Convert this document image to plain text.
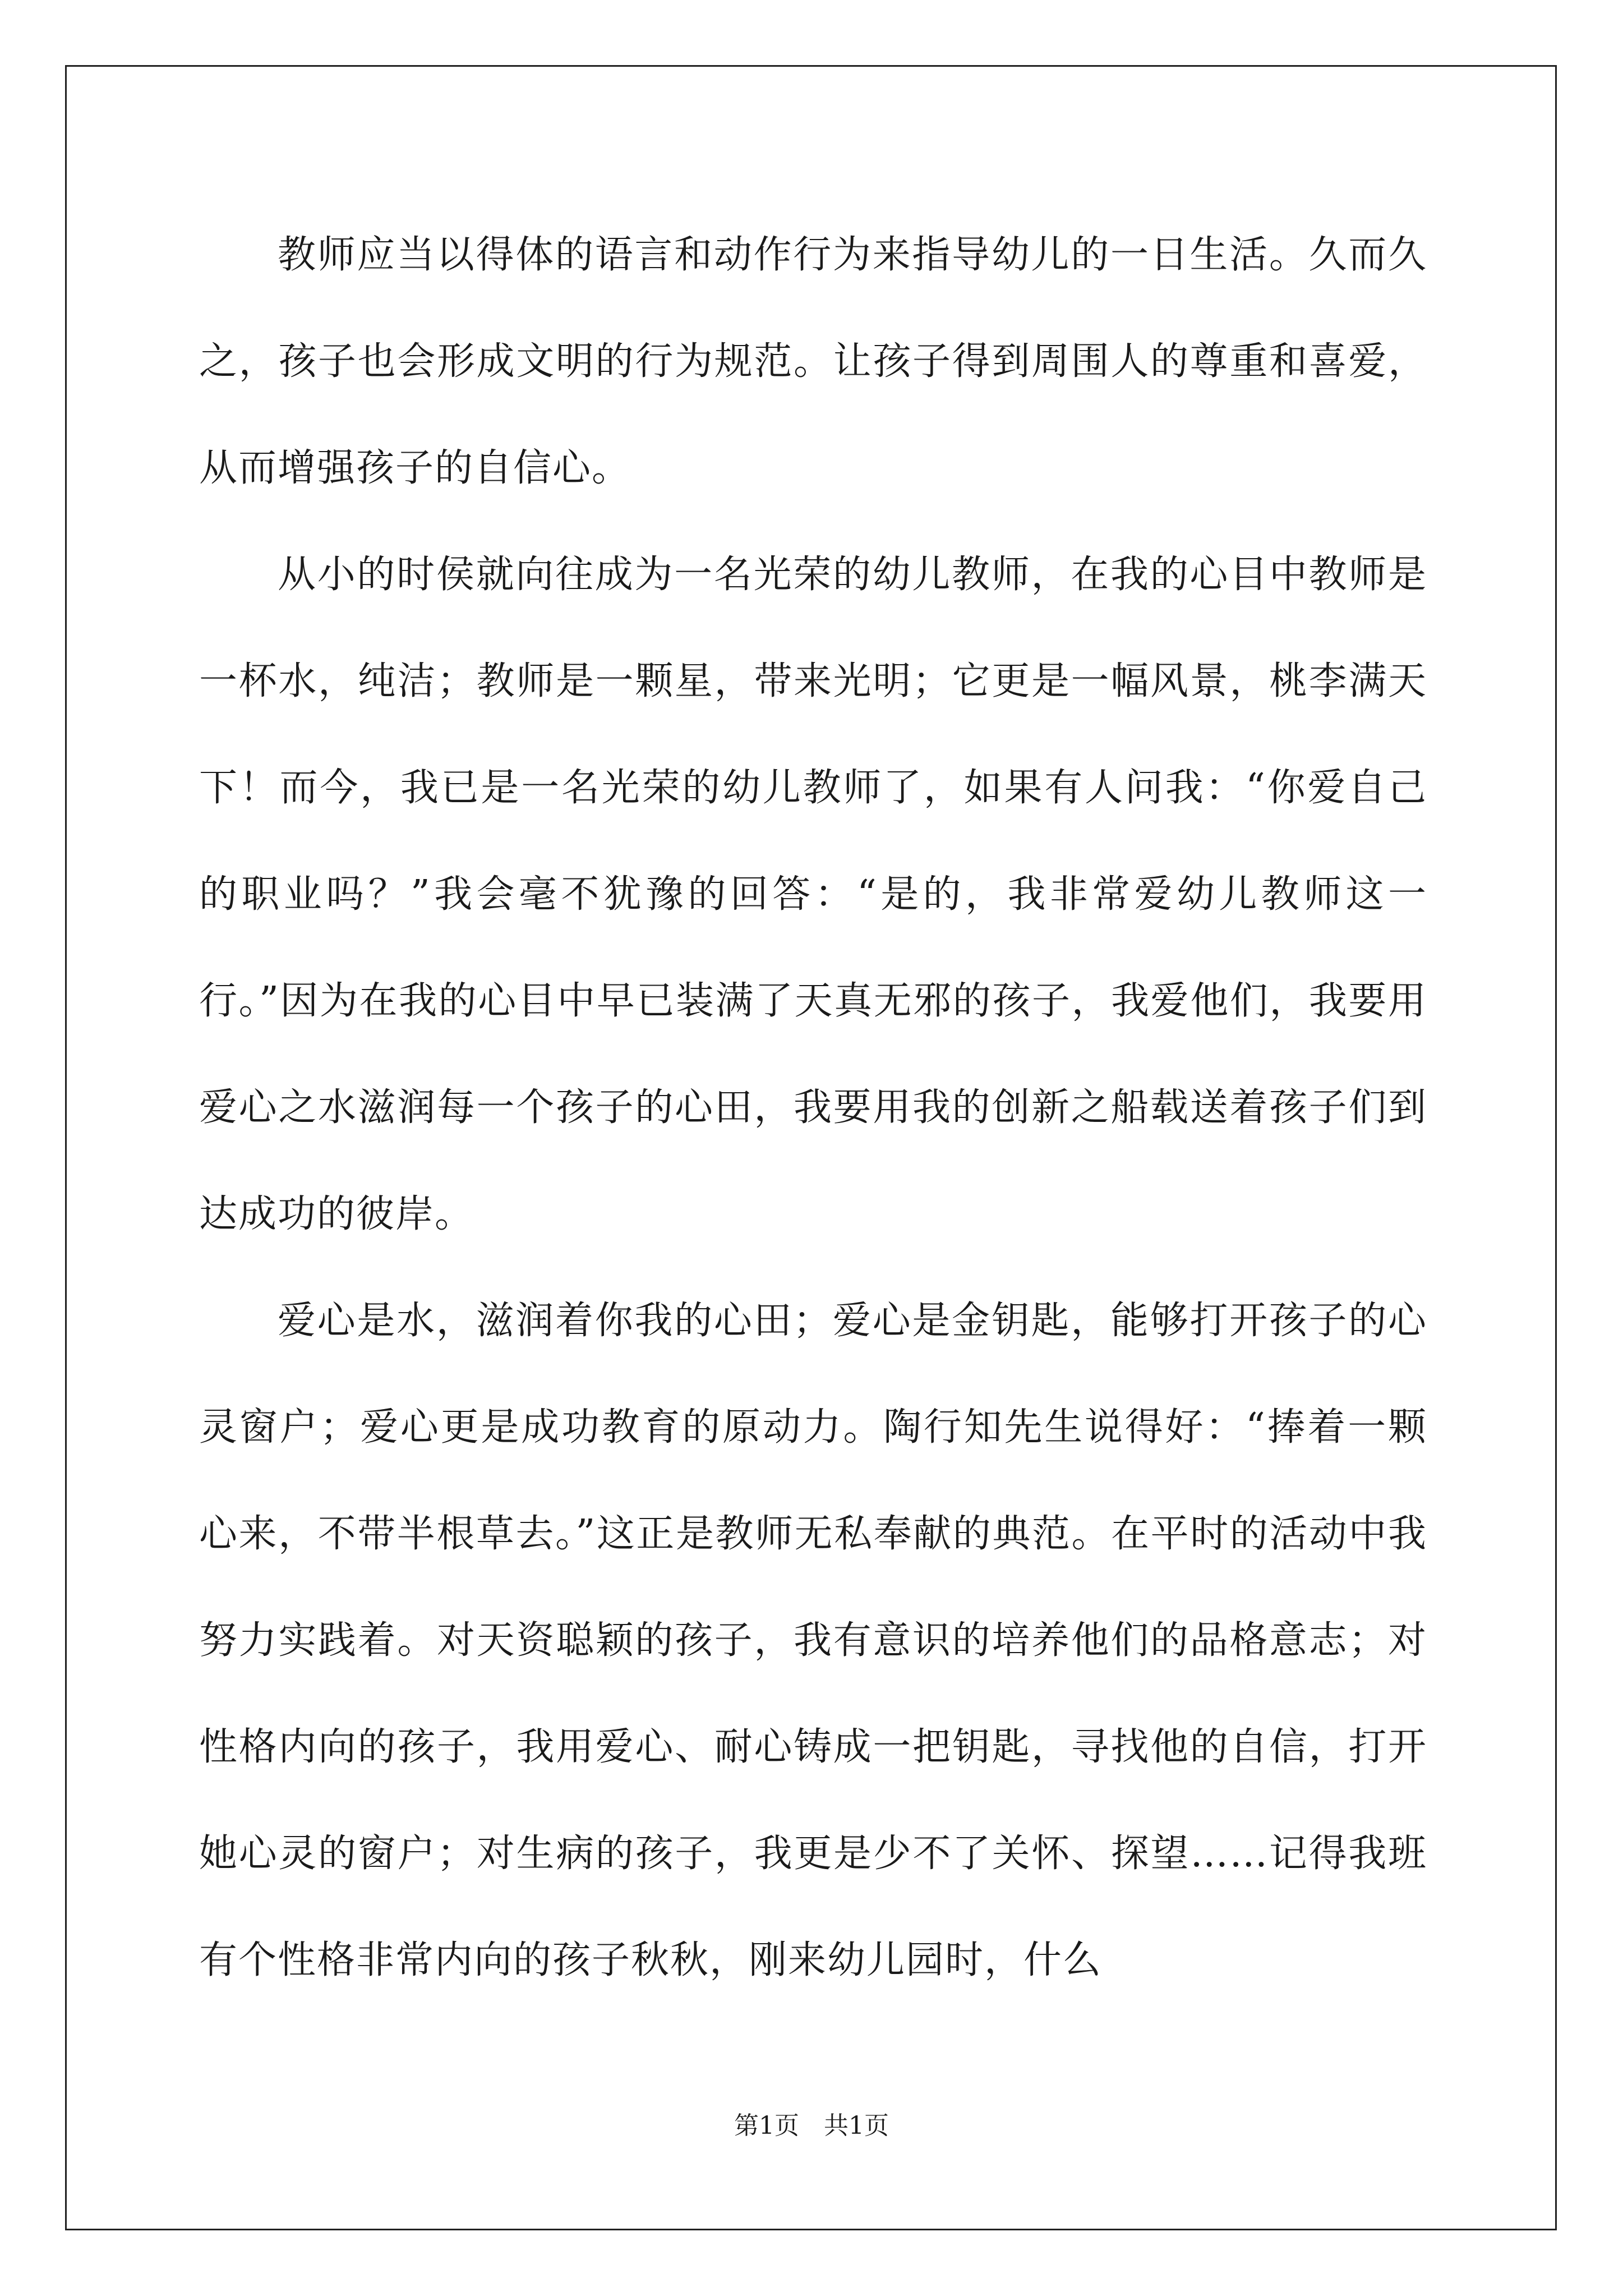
教师应当以得体的语言和动作行为来指导幼儿的一日生活。久而久之，孩子也会形成文明的行为规范。让孩子得到周围人的尊重和喜爱，从而增强孩子的自信心。

从小的时侯就向往成为一名光荣的幼儿教师，在我的心目中教师是一杯水，纯洁；教师是一颗星，带来光明；它更是一幅风景，桃李满天下！而今，我已是一名光荣的幼儿教师了，如果有人问我：“你爱自己的职业吗？”我会毫不犹豫的回答：“是的，我非常爱幼儿教师这一行。”因为在我的心目中早已装满了天真无邪的孩子，我爱他们，我要用爱心之水滋润每一个孩子的心田，我要用我的创新之船载送着孩子们到达成功的彼岸。

爱心是水，滋润着你我的心田；爱心是金钥匙，能够打开孩子的心灵窗户；爱心更是成功教育的原动力。陶行知先生说得好：“捧着一颗心来，不带半根草去。”这正是教师无私奉献的典范。在平时的活动中我努力实践着。对天资聪颖的孩子，我有意识的培养他们的品格意志；对性格内向的孩子，我用爱心、耐心铸成一把钥匙，寻找他的自信，打开她心灵的窗户；对生病的孩子，我更是少不了关怀、探望……记得我班有个性格非常内向的孩子秋秋，刚来幼儿园时，什么

第1页　共1页
